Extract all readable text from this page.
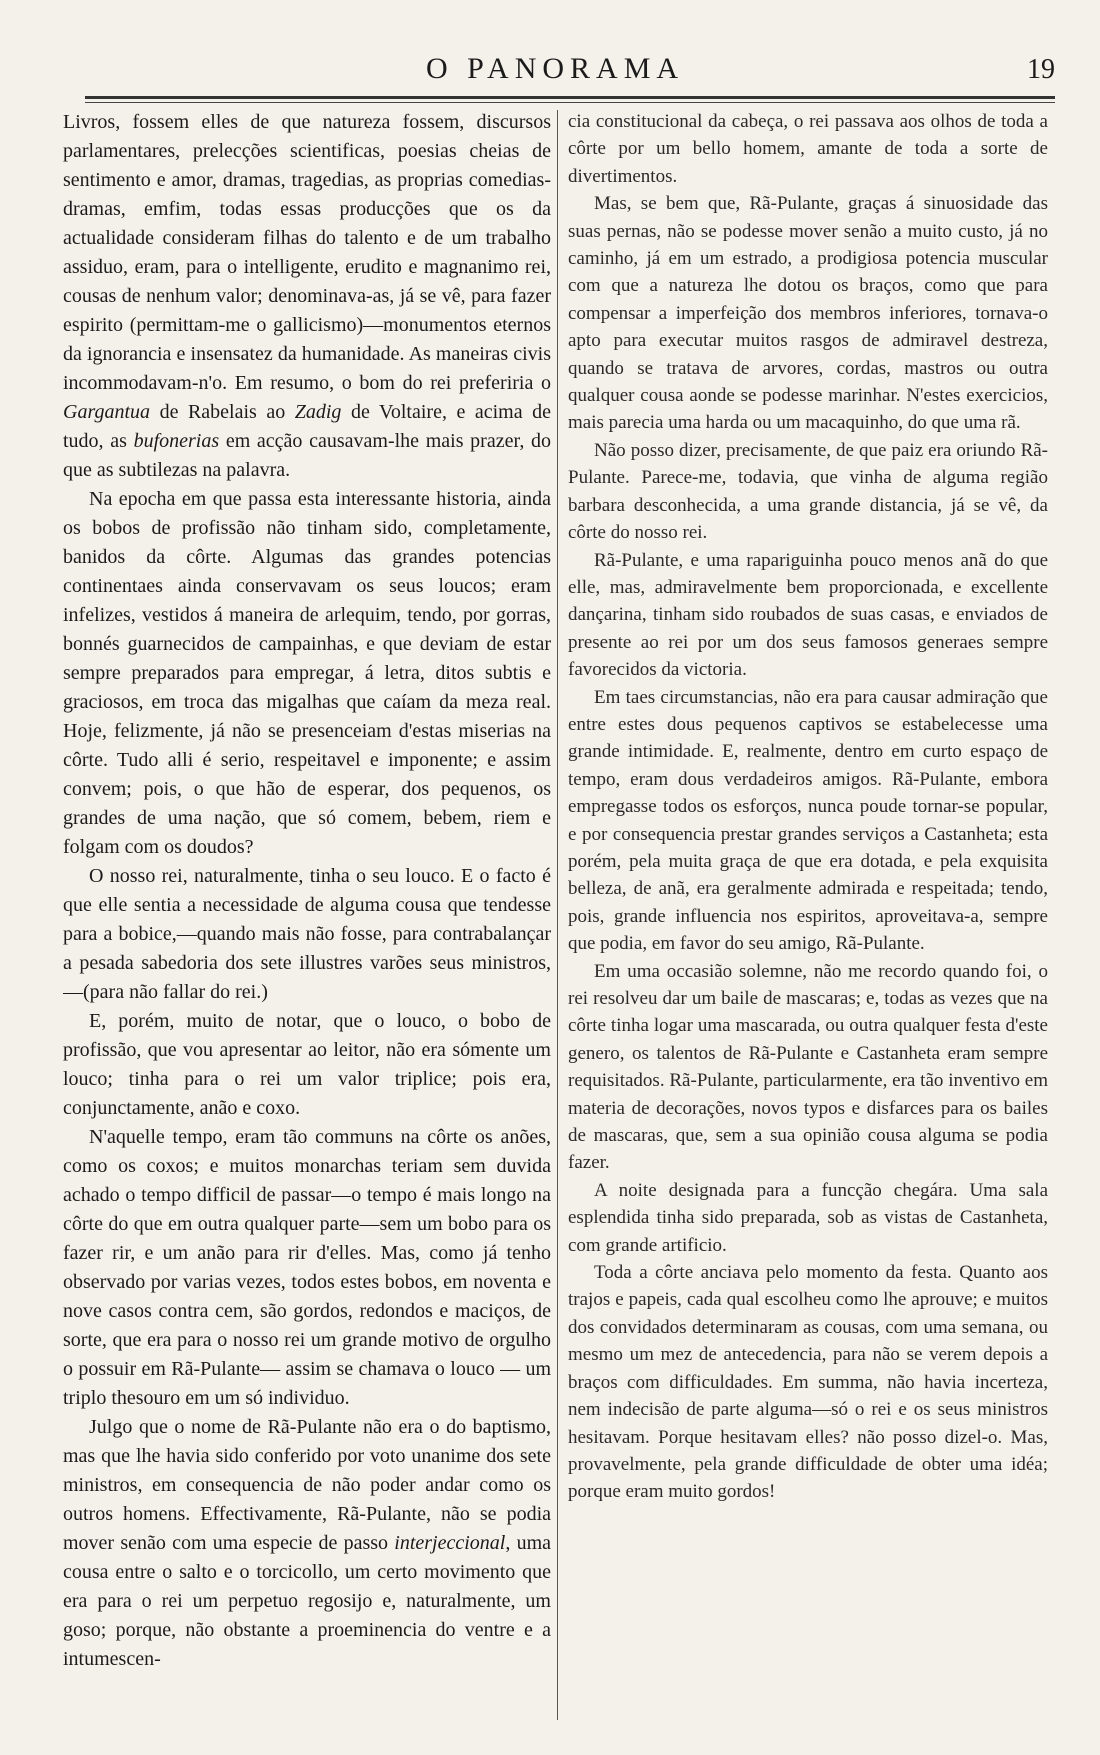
O PANORAMA	19

Livros, fossem elles de que natureza fossem, discursos parlamentares, prelecções scientificas, poesias cheias de sentimento e amor, dramas, tragedias, as proprias comedias-dramas, emfim, todas essas producções que os da actualidade consideram filhas do talento e de um trabalho assiduo, eram, para o intelligente, erudito e magnanimo rei, cousas de nenhum valor; denominava-as, já se vê, para fazer espirito (permittam-me o gallicismo)—monumentos eternos da ignorancia e insensatez da humanidade. As maneiras civis incommodavam-n'o. Em resumo, o bom do rei preferiria o Gargantua de Rabelais ao Zadig de Voltaire, e acima de tudo, as bufonerias em acção causavam-lhe mais prazer, do que as subtilezas na palavra.

Na epocha em que passa esta interessante historia, ainda os bobos de profissão não tinham sido, completamente, banidos da côrte. Algumas das grandes potencias continentaes ainda conservavam os seus loucos; eram infelizes, vestidos á maneira de arlequim, tendo, por gorras, bonnés guarnecidos de campainhas, e que deviam de estar sempre preparados para empregar, á letra, ditos subtis e graciosos, em troca das migalhas que caíam da meza real. Hoje, felizmente, já não se presenceiam d'estas miserias na côrte. Tudo alli é serio, respeitavel e imponente; e assim convem; pois, o que hão de esperar, dos pequenos, os grandes de uma nação, que só comem, bebem, riem e folgam com os doudos?

O nosso rei, naturalmente, tinha o seu louco. E o facto é que elle sentia a necessidade de alguma cousa que tendesse para a bobice,—quando mais não fosse, para contrabalançar a pesada sabedoria dos sete illustres varões seus ministros,—(para não fallar do rei.)

E, porém, muito de notar, que o louco, o bobo de profissão, que vou apresentar ao leitor, não era sómente um louco; tinha para o rei um valor triplice; pois era, conjunctamente, anão e coxo.

N'aquelle tempo, eram tão communs na côrte os anões, como os coxos; e muitos monarchas teriam sem duvida achado o tempo difficil de passar—o tempo é mais longo na côrte do que em outra qualquer parte—sem um bobo para os fazer rir, e um anão para rir d'elles. Mas, como já tenho observado por varias vezes, todos estes bobos, em noventa e nove casos contra cem, são gordos, redondos e maciços, de sorte, que era para o nosso rei um grande motivo de orgulho o possuir em Rã-Pulante— assim se chamava o louco — um triplo thesouro em um só individuo.

Julgo que o nome de Rã-Pulante não era o do baptismo, mas que lhe havia sido conferido por voto unanime dos sete ministros, em consequencia de não poder andar como os outros homens. Effectivamente, Rã-Pulante, não se podia mover senão com uma especie de passo interjeccional, uma cousa entre o salto e o torcicollo, um certo movimento que era para o rei um perpetuo regosijo e, naturalmente, um goso; porque, não obstante a proeminencia do ventre e a intumescen-

cia constitucional da cabeça, o rei passava aos olhos de toda a côrte por um bello homem, amante de toda a sorte de divertimentos.

Mas, se bem que, Rã-Pulante, graças á sinuosidade das suas pernas, não se podesse mover senão a muito custo, já no caminho, já em um estrado, a prodigiosa potencia muscular com que a natureza lhe dotou os braços, como que para compensar a imperfeição dos membros inferiores, tornava-o apto para executar muitos rasgos de admiravel destreza, quando se tratava de arvores, cordas, mastros ou outra qualquer cousa aonde se podesse marinhar. N'estes exercicios, mais parecia uma harda ou um macaquinho, do que uma rã.

Não posso dizer, precisamente, de que paiz era oriundo Rã-Pulante. Parece-me, todavia, que vinha de alguma região barbara desconhecida, a uma grande distancia, já se vê, da côrte do nosso rei.

Rã-Pulante, e uma rapariguinha pouco menos anã do que elle, mas, admiravelmente bem proporcionada, e excellente dançarina, tinham sido roubados de suas casas, e enviados de presente ao rei por um dos seus famosos generaes sempre favorecidos da victoria.

Em taes circumstancias, não era para causar admiração que entre estes dous pequenos captivos se estabelecesse uma grande intimidade. E, realmente, dentro em curto espaço de tempo, eram dous verdadeiros amigos. Rã-Pulante, embora empregasse todos os esforços, nunca poude tornar-se popular, e por consequencia prestar grandes serviços a Castanheta; esta porém, pela muita graça de que era dotada, e pela exquisita belleza, de anã, era geralmente admirada e respeitada; tendo, pois, grande influencia nos espiritos, aproveitava-a, sempre que podia, em favor do seu amigo, Rã-Pulante.

Em uma occasião solemne, não me recordo quando foi, o rei resolveu dar um baile de mascaras; e, todas as vezes que na côrte tinha logar uma mascarada, ou outra qualquer festa d'este genero, os talentos de Rã-Pulante e Castanheta eram sempre requisitados. Rã-Pulante, particularmente, era tão inventivo em materia de decorações, novos typos e disfarces para os bailes de mascaras, que, sem a sua opinião cousa alguma se podia fazer.

A noite designada para a funcção chegára. Uma sala esplendida tinha sido preparada, sob as vistas de Castanheta, com grande artificio.

Toda a côrte anciava pelo momento da festa. Quanto aos trajos e papeis, cada qual escolheu como lhe aprouve; e muitos dos convidados determinaram as cousas, com uma semana, ou mesmo um mez de antecedencia, para não se verem depois a braços com difficuldades. Em summa, não havia incerteza, nem indecisão de parte alguma—só o rei e os seus ministros hesitavam. Porque hesitavam elles? não posso dizel-o. Mas, provavelmente, pela grande difficuldade de obter uma idéa; porque eram muito gordos!
